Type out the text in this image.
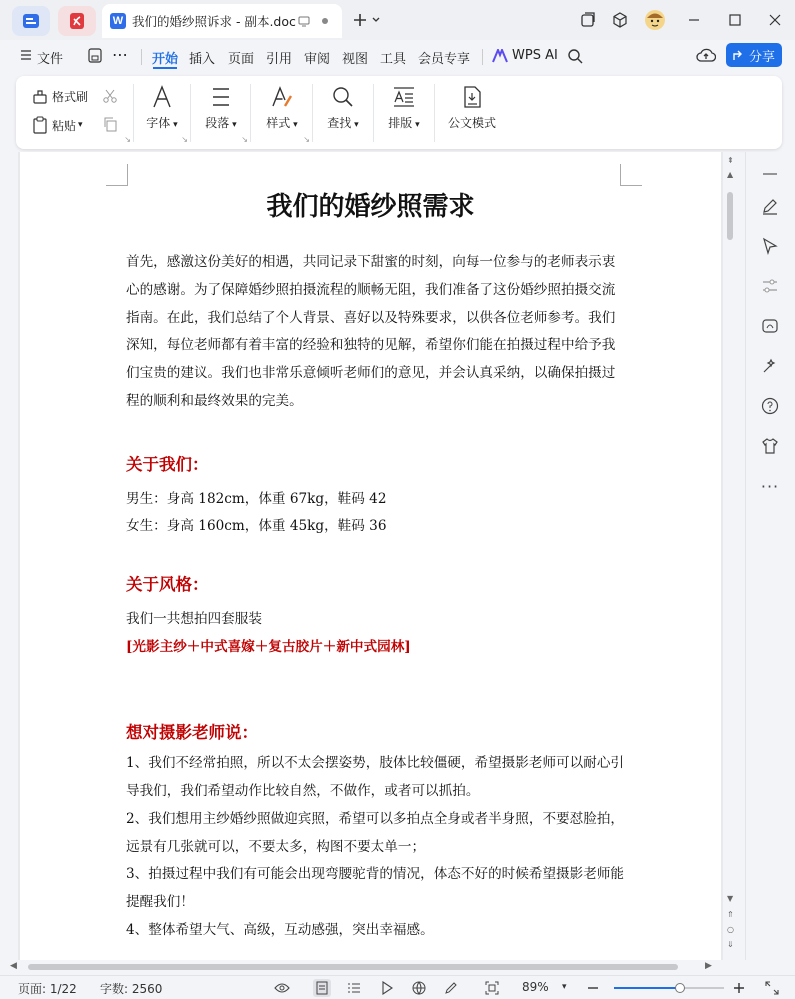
W 我们的婚纱照诉求 - 副本.doc
文件	⋯ 开始 插入 页面 引用 审阅 视图 工具 会员专享	WPS AI	分享
格式刷
粘贴 ▾
↘
字体 ▾
↘
段落 ▾
↘
样式 ▾
↘
查找 ▾ 排版 ▾ 公文模式
我们的婚纱照需求
首先，感激这份美好的相遇，共同记录下甜蜜的时刻，向每一位参与的老师表示衷心的感谢。为了保障婚纱照拍摄流程的顺畅无阻，我们准备了这份婚纱照拍摄交流指南。在此，我们总结了个人背景、喜好以及特殊要求，以供各位老师参考。我们深知，每位老师都有着丰富的经验和独特的见解，希望你们能在拍摄过程中给予我们宝贵的建议。我们也非常乐意倾听老师们的意见，并会认真采纳，以确保拍摄过程的顺利和最终效果的完美。
关于我们：
男生：身高 182cm，体重 67kg，鞋码 42
女生：身高 160cm，体重 45kg，鞋码 36
关于风格：
我们一共想拍四套服装
[光影主纱＋中式喜嫁＋复古胶片＋新中式园林]
想对摄影老师说：
1、我们不经常拍照，所以不太会摆姿势，肢体比较僵硬，希望摄影老师可以耐心引导我们，我们希望动作比较自然，不做作，或者可以抓拍。
2、我们想用主纱婚纱照做迎宾照，希望可以多拍点全身或者半身照，不要怼脸拍，远景有几张就可以，不要太多，构图不要太单一；
3、拍摄过程中我们有可能会出现弯腰驼背的情况，体态不好的时候希望摄影老师能提醒我们！
4、整体希望大气、高级，互动感强，突出幸福感。
⇞
▲
▼
⇑
○
⇓
···
◀	▶
页面: 1/22 字数: 2560	89% ▾
